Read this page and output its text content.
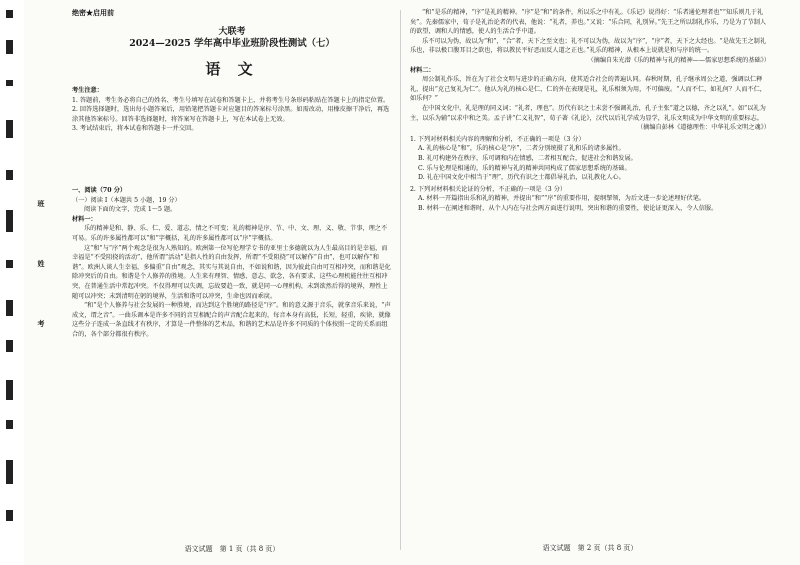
班
姓
考
绝密★启用前
大联考
2024—2025 学年高中毕业班阶段性测试（七）
语 文
考生注意：
1. 答题前，考生务必将自己的姓名、考生号填写在试卷和答题卡上，并将考生号条形码粘贴在答题卡上的指定位置。
2. 回答选择题时，选出每小题答案后，用铅笔把答题卡对应题目的答案标号涂黑。如需改动，用橡皮擦干净后，再选涂其他答案标号。回答非选择题时，将答案写在答题卡上，写在本试卷上无效。
3. 考试结束后，将本试卷和答题卡一并交回。
一、阅读（70 分）
（一）阅读 I（本题共 5 小题，19 分）
阅读下面的文字，完成 1～5 题。
材料一：
乐的精神是和、静、乐、仁、爱、道志，情之不可变；礼的精神是序、节、中、文、理、义、敬、节事，理之不可易。乐的许多属性都可以“和”字概括，礼的许多属性都可以“序”字概括。
这“和”与“序”两个观念是很为人熟知的。欧洲第一位写伦理学专书的亚里士多德就以为人生最高目的是幸福，而幸福是“不受阻挠的活动”，他所谓“活动”是指人性的自由发挥，所谓“不受阻挠”可以解作“自由”，也可以解作“和谐”。欧洲人谈人生幸福，多偏重“自由”观念，其实与其说自由，不如说和谐，因为彼此自由可互相冲突，而和谐是化除冲突后的自由。和谐是个人修养的胜境。人生来有理智、情感、意志、欲念，各有要求，这些心理机能往往互相冲突，在普通生活中常起冲突。不仅得理可以失调，忘故要趋一致，就是同一心理机构，未到欲然后得的境界，理性上随可以冲突；未到清明在躬的境界，生活和谐可以冲突，生命也因而乖戾。
“和”是个人修养与社会发展的一种胜境，而达到这个胜境的路径是“序”。和的意义源于音乐，就拿音乐来说，“声成文，谓之音”。一曲乐调本是许多不同的音互相配合的声音配合起来的，每音本身有高低，长短，轻重，疾徐，就像这些分子连成一条直线才有秩序，才算是一件整体的艺术品，和谐的艺术品是许多不同质的个体按照一定的关系而组合的，各个部分都很有秩序。
语文试题　第 1 页（共 8 页）
“和”是乐的精神，“序”是礼的精神。“序”是“和”的条件，所以乐之中有礼。《乐记》说得好：“乐者通伦理者也”“知乐则几于礼矣”。先秦儒家中，荀子是礼治论者的代表，他说：“礼者，养也。”又说：“乐合同，礼别异。”先王之所以制礼作乐，乃是为了节制人的欲望，调和人的情感，使人的生活合乎中道。
乐不可以为伪，故以为“和”，“合”者，天下之至文也；礼不可以为伪，故以为“序”，“序”者，天下之大经也。“是故先王之制礼乐也，非以极口腹耳目之欲也，将以教民平好恶而反人道之正也。”礼乐的精神，从根本上说就是和与序的统一。
（摘编自朱光潜《乐的精神与礼的精神——儒家思想系统的基础》）
材料二：
周公制礼作乐，旨在为了社会文明与进步的正确方向，使其适合社会的普遍认同。春秋时期，孔子继承周公之道，强调以仁释礼，提出“克己复礼为仁”。他认为礼的核心是仁，仁的外在表现是礼，礼乐相须为用，不可偏废。“人而不仁，如礼何？人而不仁，如乐何？”
在中国文化中，礼是理的同义词；“礼者，理也”。历代有识之士未尝不强调礼治，孔子主张“道之以德，齐之以礼”。如“以礼为主，以乐为辅”以求中和之美。孟子讲“仁义礼智”，荀子著《礼论》，汉代以后礼学成为显学，礼乐文明成为中华文明的重要标志。
（摘编自彭林《道德理性：中华礼乐文明之魂》）
1. 下列对材料相关内容的理解和分析，不正确的一项是（3 分）
A. 礼的核心是“和”，乐的核心是“序”，二者分别统摄了礼和乐的诸多属性。
B. 礼可构建外在秩序，乐可调和内在情感，二者相互配合，促进社会和谐发展。
C. 乐与伦理是相通的，乐的精神与礼的精神共同构成了儒家思想系统的基础。
D. 礼在中国文化中相当于“理”，历代有识之士都倡导礼治，以礼教化人心。
2. 下列对材料相关论证的分析，不正确的一项是（3 分）
A. 材料一开篇指出乐和礼的精神，并提出“和”“序”的重要作用，提纲挈领，为后文进一步论述埋好伏笔。
B. 材料一在阐述和谐时，从个人内在与社会两方面进行说明，突出和谐的重要性，使论证更深入，令人信服。
语文试题　第 2 页（共 8 页）
